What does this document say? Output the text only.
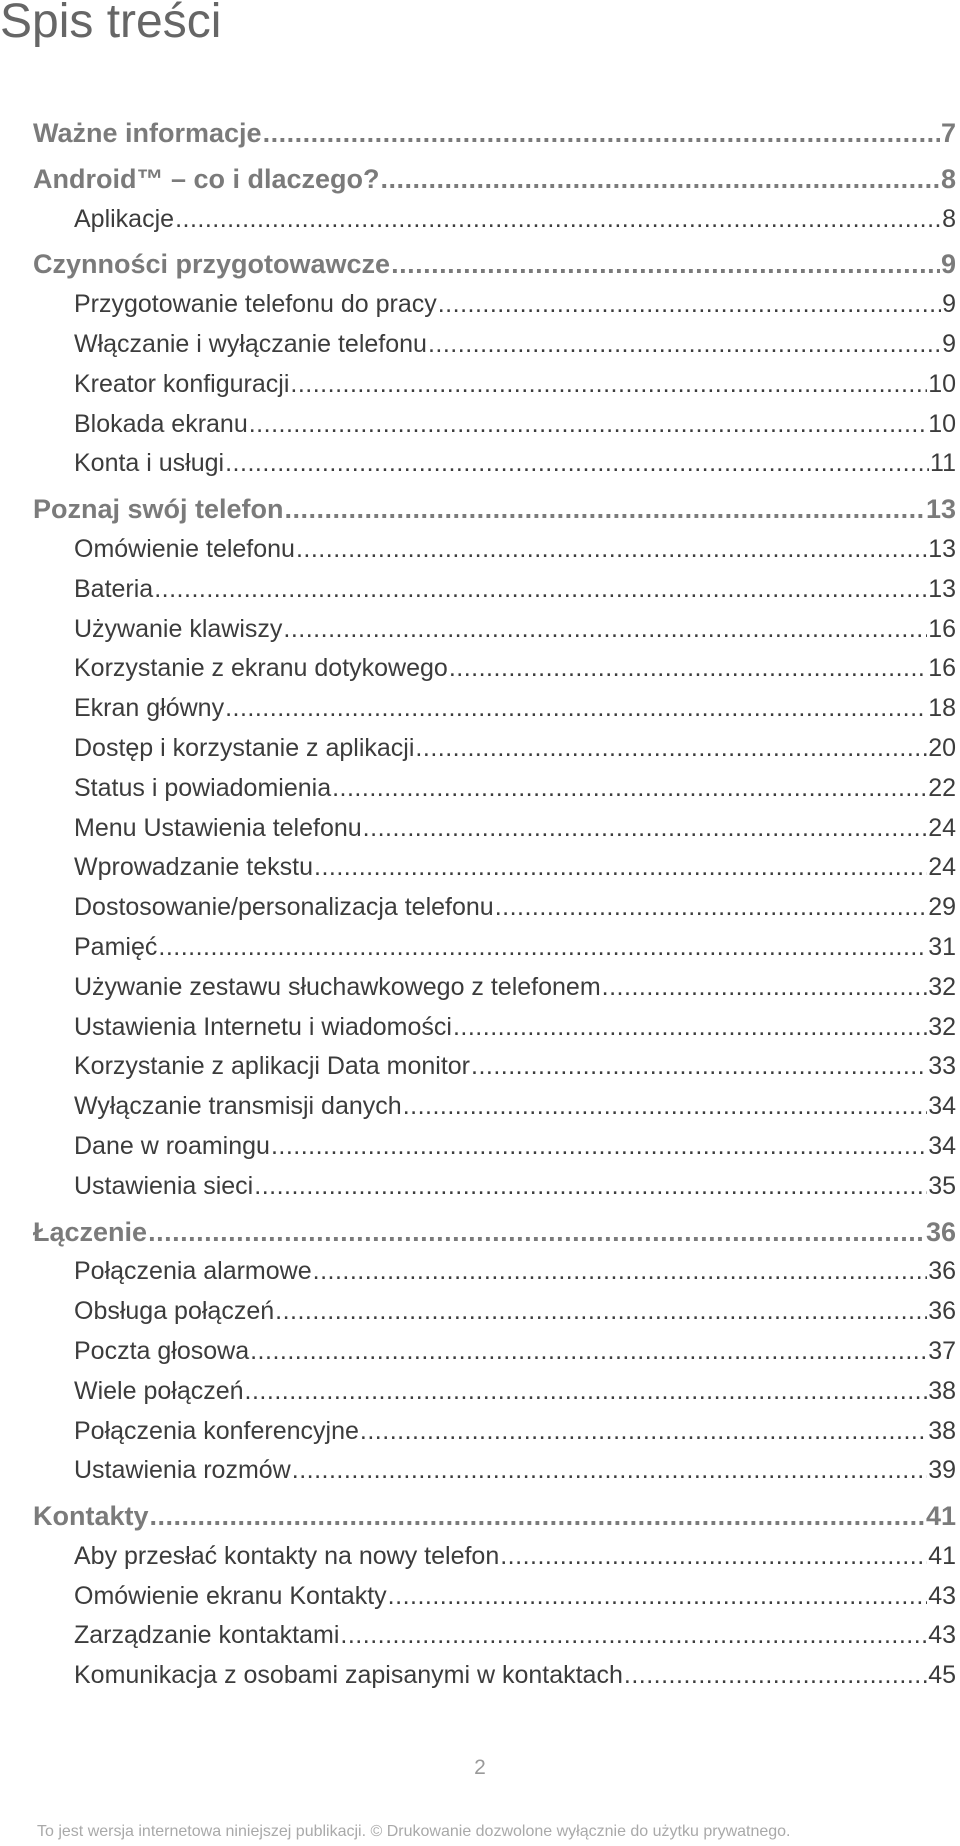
Spis treści
Ważne informacje .....	7
Android™ – co i dlaczego? .....	8
Aplikacje .....	8
Czynności przygotowawcze .....	9
Przygotowanie telefonu do pracy .....	9
Włączanie i wyłączanie telefonu .....	9
Kreator konfiguracji .....	10
Blokada ekranu .....	10
Konta i usługi .....	11
Poznaj swój telefon .....	13
Omówienie telefonu .....	13
Bateria .....	13
Używanie klawiszy .....	16
Korzystanie z ekranu dotykowego .....	16
Ekran główny .....	18
Dostęp i korzystanie z aplikacji .....	20
Status i powiadomienia .....	22
Menu Ustawienia telefonu .....	24
Wprowadzanie tekstu .....	24
Dostosowanie/personalizacja telefonu .....	29
Pamięć .....	31
Używanie zestawu słuchawkowego z telefonem .....	32
Ustawienia Internetu i wiadomości .....	32
Korzystanie z aplikacji Data monitor .....	33
Wyłączanie transmisji danych .....	34
Dane w roamingu .....	34
Ustawienia sieci .....	35
Łączenie .....	36
Połączenia alarmowe .....	36
Obsługa połączeń .....	36
Poczta głosowa .....	37
Wiele połączeń .....	38
Połączenia konferencyjne .....	38
Ustawienia rozmów .....	39
Kontakty .....	41
Aby przesłać kontakty na nowy telefon .....	41
Omówienie ekranu Kontakty .....	43
Zarządzanie kontaktami .....	43
Komunikacja z osobami zapisanymi w kontaktach .....	45
2
To jest wersja internetowa niniejszej publikacji. © Drukowanie dozwolone wyłącznie do użytku prywatnego.
